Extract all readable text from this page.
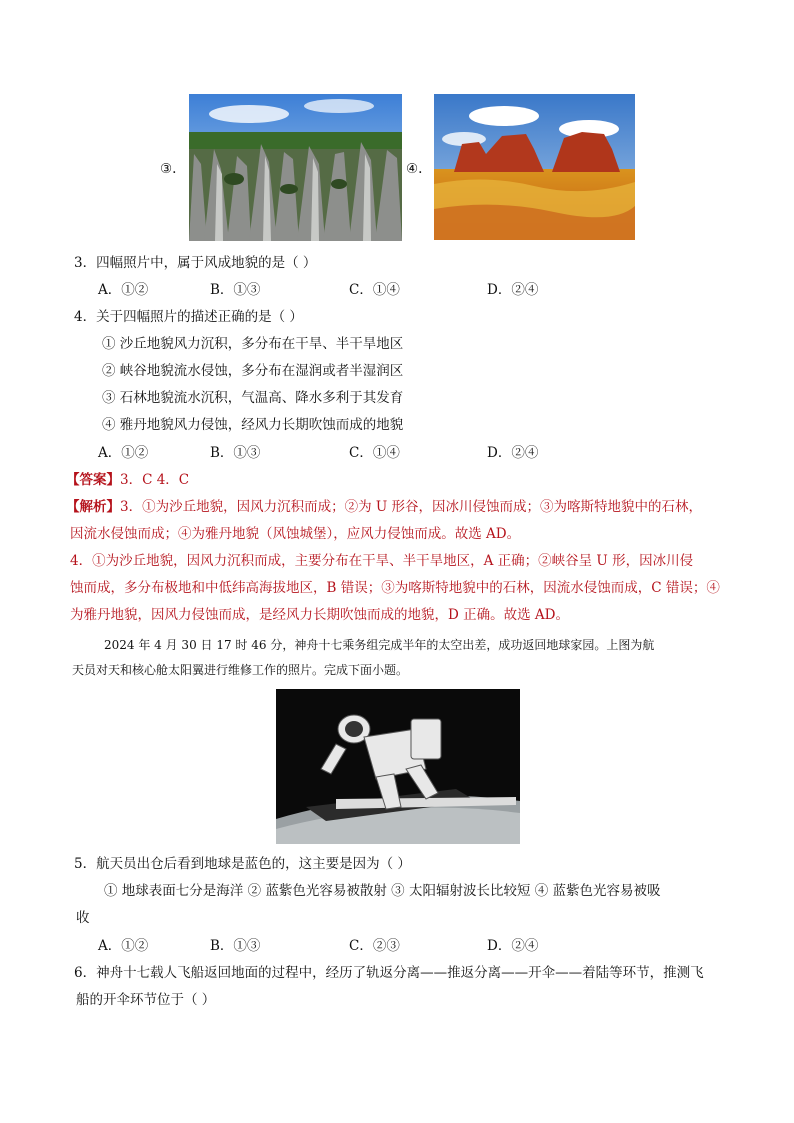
③.	④.
3．四幅照片中，属于风成地貌的是（ ）
A．①②	B．①③	C．①④	D．②④
4．关于四幅照片的描述正确的是（ ）
① 沙丘地貌风力沉积，多分布在干旱、半干旱地区
② 峡谷地貌流水侵蚀，多分布在湿润或者半湿润区
③ 石林地貌流水沉积，气温高、降水多利于其发育
④ 雅丹地貌风力侵蚀，经风力长期吹蚀而成的地貌
A．①②	B．①③	C．①④	D．②④
【答案】3．C 4．C
【解析】3．①为沙丘地貌，因风力沉积而成；②为 U 形谷，因冰川侵蚀而成；③为喀斯特地貌中的石林，
因流水侵蚀而成；④为雅丹地貌（风蚀城堡），应风力侵蚀而成。故选 AD。
4．①为沙丘地貌，因风力沉积而成，主要分布在干旱、半干旱地区，A 正确；②峡谷呈 U 形，因冰川侵
蚀而成，多分布极地和中低纬高海拔地区，B 错误；③为喀斯特地貌中的石林，因流水侵蚀而成，C 错误；④
为雅丹地貌，因风力侵蚀而成，是经风力长期吹蚀而成的地貌，D 正确。故选 AD。
2024 年 4 月 30 日 17 时 46 分，神舟十七乘务组完成半年的太空出差，成功返回地球家园。上图为航
天员对天和核心舱太阳翼进行维修工作的照片。完成下面小题。
5．航天员出仓后看到地球是蓝色的，这主要是因为（ ）
① 地球表面七分是海洋 ② 蓝紫色光容易被散射 ③ 太阳辐射波长比较短 ④ 蓝紫色光容易被吸
收
A．①②	B．①③	C．②③	D．②④
6．神舟十七载人飞船返回地面的过程中，经历了轨返分离——推返分离——开伞——着陆等环节，推测飞
船的开伞环节位于（ ）
